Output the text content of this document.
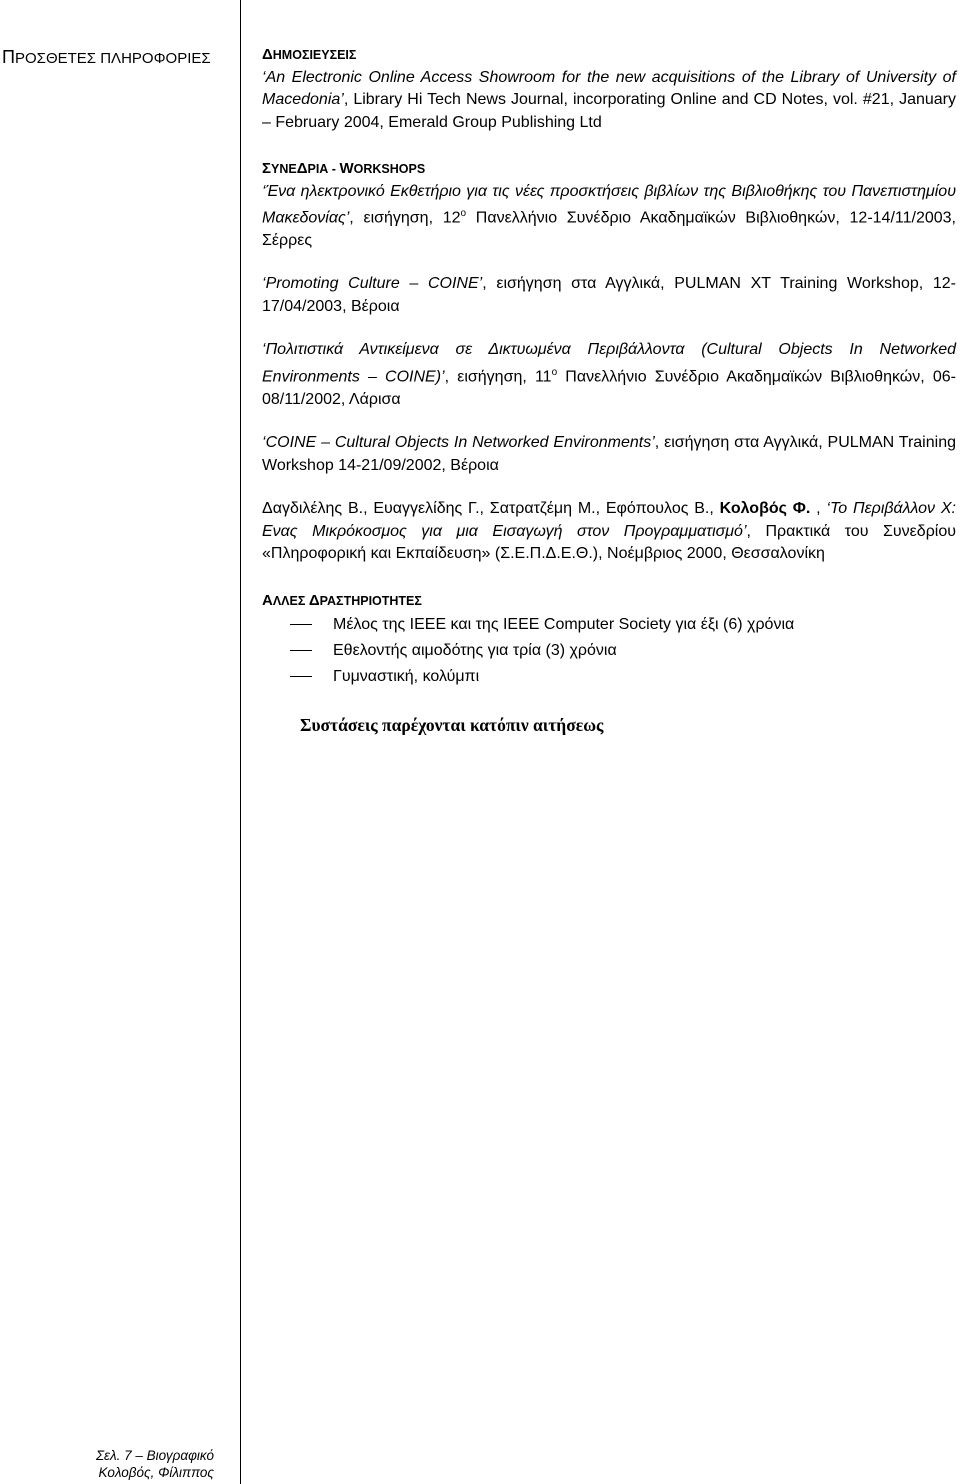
ΠΡΟΣΘΕΤΕΣ ΠΛΗΡΟΦΟΡΙΕΣ	ΔΗΜΟΣΙΕΥΣΕΙΣ

‘An Electronic Online Access Showroom for the new acquisitions of the Library of University of Macedonia’, Library Hi Tech News Journal, incorporating Online and CD Notes, vol. #21, January – February 2004, Emerald Group Publishing Ltd

ΣΥΝΕΔΡΙΑ - WORKSHOPS

‘Ένα ηλεκτρονικό Εκθετήριο για τις νέες προσκτήσεις βιβλίων της Βιβλιοθήκης του Πανεπιστημίου Μακεδονίας’, εισήγηση, $12^o$ Πανελλήνιο Συνέδριο Ακαδημαϊκών Βιβλιοθηκών, 12-14/11/2003, Σέρρες

‘Promoting Culture – COINE’, εισήγηση στα Αγγλικά, PULMAN XT Training Workshop, 12-17/04/2003, Βέροια

‘Πολιτιστικά Αντικείμενα σε Δικτυωμένα Περιβάλλοντα (Cultural Objects In Networked Environments – COINE)’, εισήγηση, $11^o$ Πανελλήνιο Συνέδριο Ακαδημαϊκών Βιβλιοθηκών, 06-08/11/2002, Λάρισα

‘COINE – Cultural Objects In Networked Environments’, εισήγηση στα Αγγλικά, PULMAN Training Workshop 14-21/09/2002, Βέροια

Δαγδιλέλης Β., Ευαγγελίδης Γ., Σατρατζέμη Μ., Εφόπουλος Β., Κολοβός Φ. , ‘Το Περιβάλλον Χ: Ενας Μικρόκοσμος για μια Εισαγωγή στον Προγραμματισμό’, Πρακτικά του Συνεδρίου «Πληροφορική και Εκπαίδευση» (Σ.Ε.Π.Δ.Ε.Θ.), Νοέμβριος 2000, Θεσσαλονίκη

ΑΛΛΕΣ ΔΡΑΣΤΗΡΙΟΤΗΤΕΣ
Μέλος της IEEE και της IEEE Computer Society για έξι (6) χρόνια
Εθελοντής αιμοδότης για τρία (3) χρόνια
Γυμναστική, κολύμπι
Συστάσεις παρέχονται κατόπιν αιτήσεως
Σελ. 7 – Βιογραφικό
Κολοβός, Φίλιππος
